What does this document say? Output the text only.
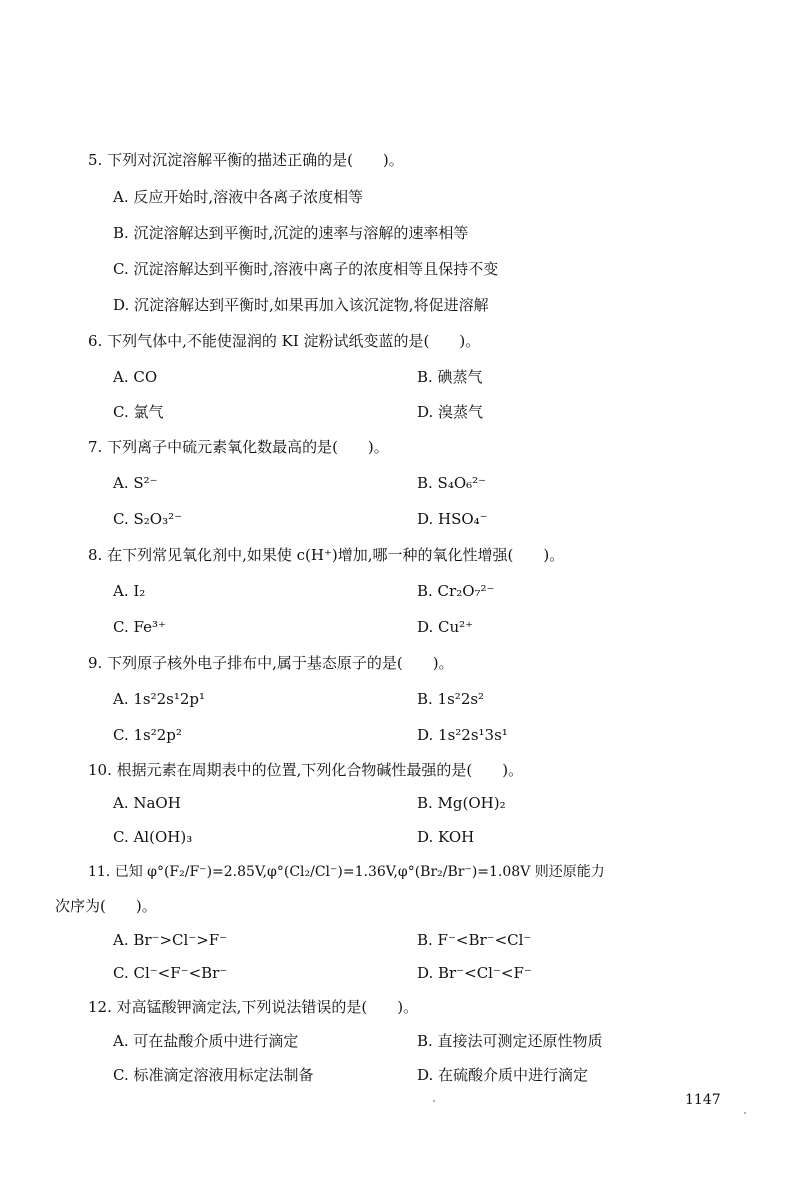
5. 下列对沉淀溶解平衡的描述正确的是(　　)。
A. 反应开始时,溶液中各离子浓度相等
B. 沉淀溶解达到平衡时,沉淀的速率与溶解的速率相等
C. 沉淀溶解达到平衡时,溶液中离子的浓度相等且保持不变
D. 沉淀溶解达到平衡时,如果再加入该沉淀物,将促进溶解
6. 下列气体中,不能使湿润的 KI 淀粉试纸变蓝的是(　　)。
A. CO	B. 碘蒸气
C. 氯气	D. 溴蒸气
7. 下列离子中硫元素氧化数最高的是(　　)。
A. S²⁻	B. S₄O₆²⁻
C. S₂O₃²⁻	D. HSO₄⁻
8. 在下列常见氧化剂中,如果使 c(H⁺)增加,哪一种的氧化性增强(　　)。
A. I₂	B. Cr₂O₇²⁻
C. Fe³⁺	D. Cu²⁺
9. 下列原子核外电子排布中,属于基态原子的是(　　)。
A. 1s²2s¹2p¹	B. 1s²2s²
C. 1s²2p²	D. 1s²2s¹3s¹
10. 根据元素在周期表中的位置,下列化合物碱性最强的是(　　)。
A. NaOH	B. Mg(OH)₂
C. Al(OH)₃	D. KOH
11. 已知 φ°(F₂/F⁻)=2.85V,φ°(Cl₂/Cl⁻)=1.36V,φ°(Br₂/Br⁻)=1.08V 则还原能力
次序为(　　)。
A. Br⁻>Cl⁻>F⁻	B. F⁻<Br⁻<Cl⁻
C. Cl⁻<F⁻<Br⁻	D. Br⁻<Cl⁻<F⁻
12. 对高锰酸钾滴定法,下列说法错误的是(　　)。
A. 可在盐酸介质中进行滴定	B. 直接法可测定还原性物质
C. 标准滴定溶液用标定法制备	D. 在硫酸介质中进行滴定
1147
